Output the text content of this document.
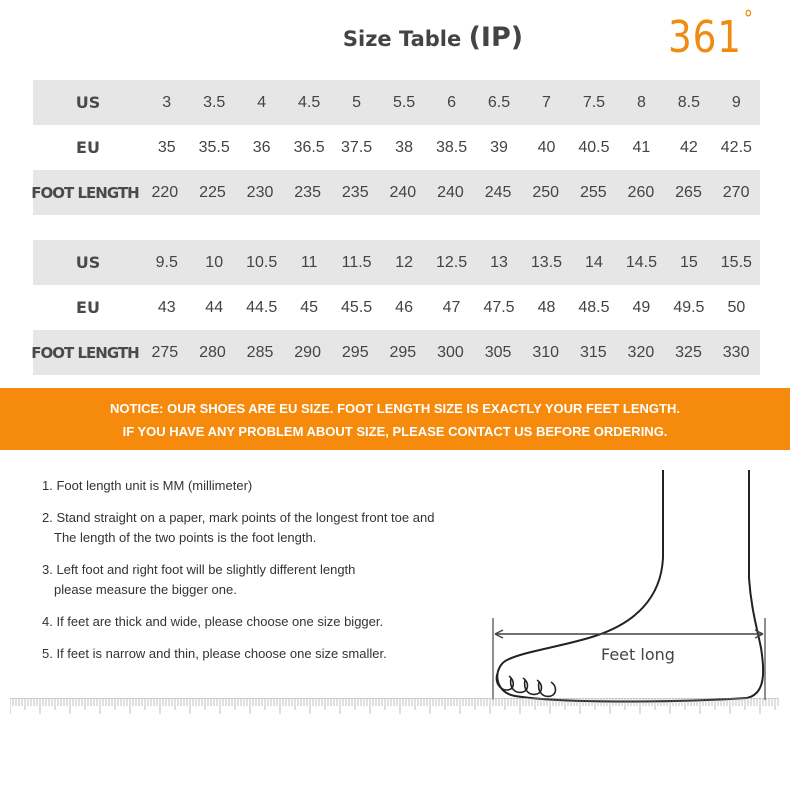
Size Table (IP)	361°
US	3	3.5	4	4.5	5	5.5	6	6.5	7	7.5	8	8.5	9
EU	35	35.5	36	36.5	37.5	38	38.5	39	40	40.5	41	42	42.5
FOOT LENGTH 220	225	230	235	235	240	240	245	250	255	260	265	270
US	9.5	10	10.5	11	11.5	12	12.5	13	13.5	14	14.5	15	15.5
EU	43	44	44.5	45	45.5	46	47	47.5	48	48.5	49	49.5	50
FOOT LENGTH 275	280	285	290	295	295	300	305	310	315	320	325	330
NOTICE: OUR SHOES ARE EU SIZE. FOOT LENGTH SIZE IS EXACTLY YOUR FEET LENGTH.
IF YOU HAVE ANY PROBLEM ABOUT SIZE, PLEASE CONTACT US BEFORE ORDERING.
1. Foot length unit is MM (millimeter)
2. Stand straight on a paper, mark points of the longest front toe and
The length of the two points is the foot length.
3. Left foot and right foot will be slightly different length
please measure the bigger one.
4. If feet are thick and wide, please choose one size bigger.
5. If feet is narrow and thin, please choose one size smaller.	Feet long
